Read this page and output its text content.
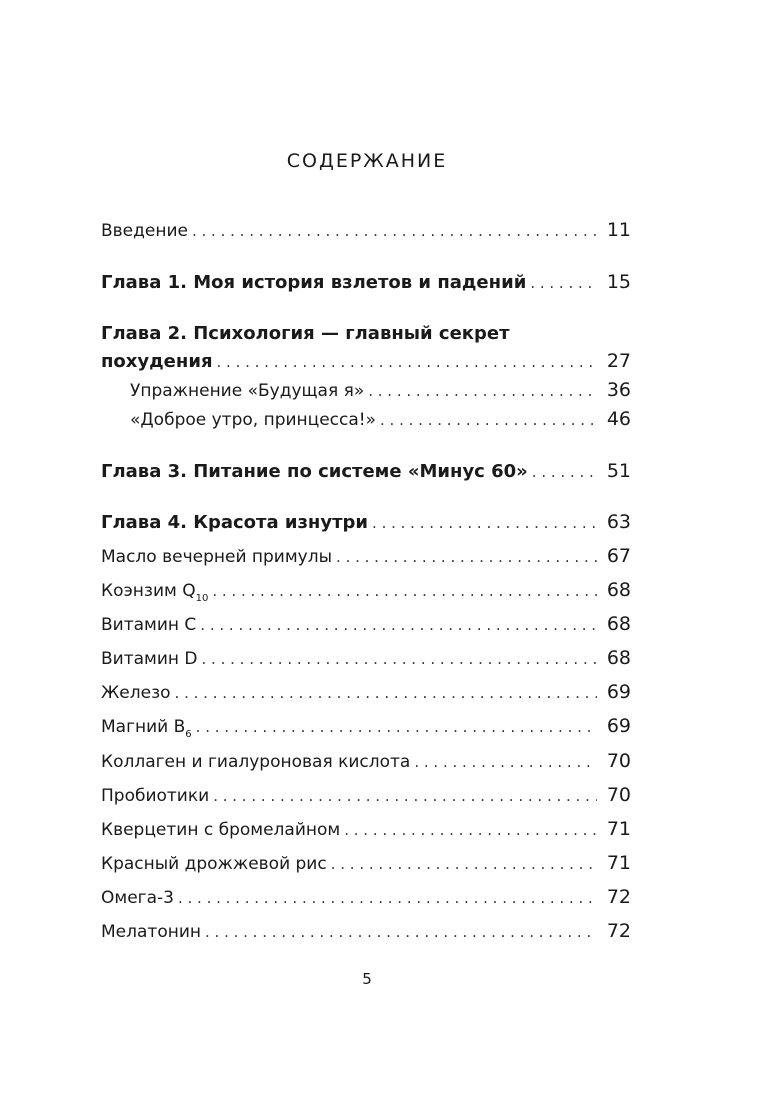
СОДЕРЖАНИЕ
Введение . . .	11
Глава 1. Моя история взлетов и падений . . .	15
Глава 2. Психология — главный секрет
похудения . . .	27
Упражнение «Будущая я» . . .	36
«Доброе утро, принцесса!» . . .	46
Глава 3. Питание по системе «Минус 60» . . .	51
Глава 4. Красота изнутри . . .	63
Масло вечерней примулы . . .	67
Коэнзим $Q_{10}$ . . .	68
Витамин C . . .	68
Витамин D . . .	68
Железо . . .	69
Магний $B_6$ . . .	69
Коллаген и гиалуроновая кислота . . .	70
Пробиотики . . .	70
Кверцетин с бромелайном . . .	71
Красный дрожжевой рис . . .	71
Омега-3 . . .	72
Мелатонин . . .	72
5
